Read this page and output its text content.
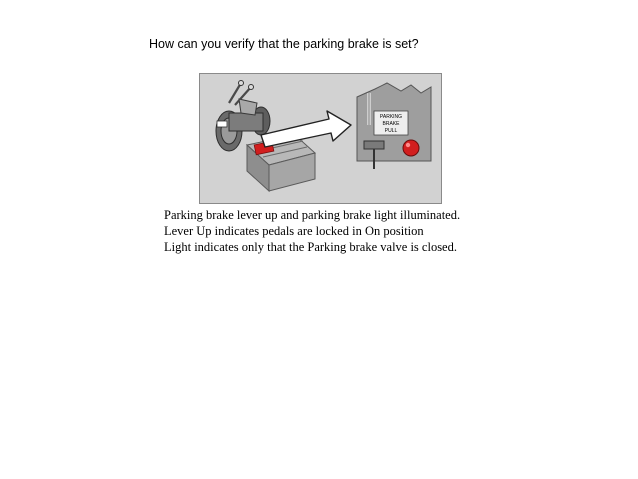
How can you verify that the parking brake is set?
PARKING
BRAKE
PULL
Parking brake lever up and parking brake light illuminated.
Lever Up indicates pedals are locked in On position
Light indicates only that the Parking brake valve is closed.
